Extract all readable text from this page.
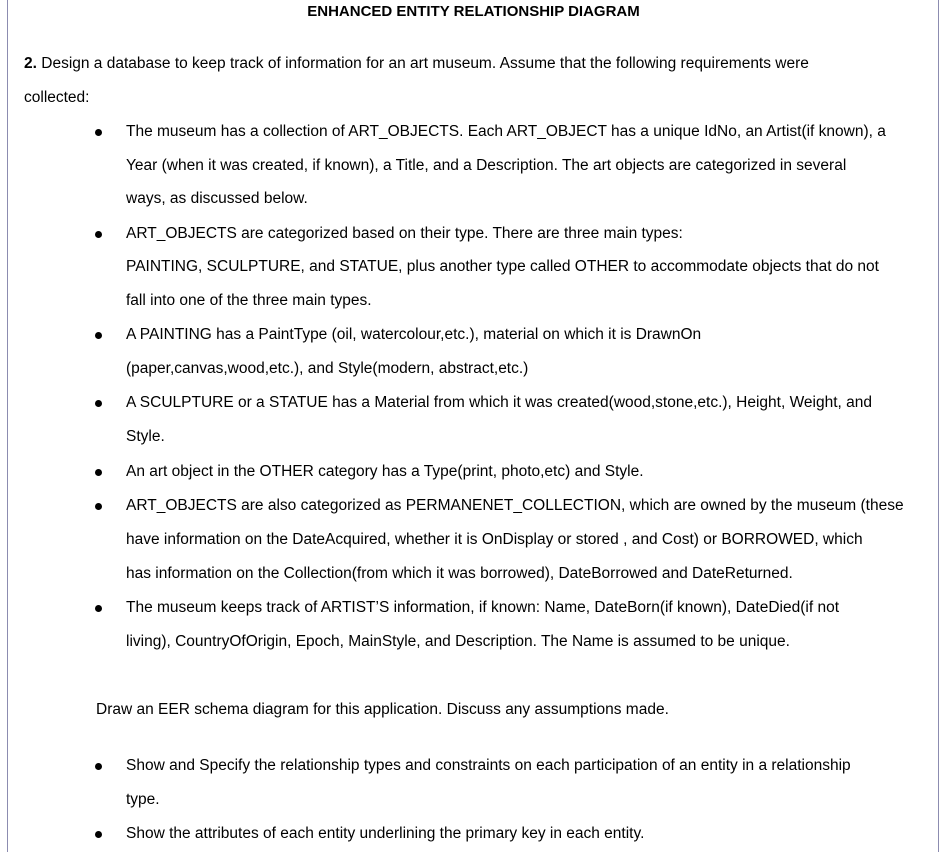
ENHANCED ENTITY RELATIONSHIP DIAGRAM
2. Design a database to keep track of information for an art museum. Assume that the following requirements were
collected:
The museum has a collection of ART_OBJECTS. Each ART_OBJECT has a unique IdNo, an Artist(if known), a
Year (when it was created, if known), a Title, and a Description. The art objects are categorized in several
ways, as discussed below.
ART_OBJECTS are categorized based on their type. There are three main types:
PAINTING, SCULPTURE, and STATUE, plus another type called OTHER to accommodate objects that do not
fall into one of the three main types.
A PAINTING has a PaintType (oil, watercolour,etc.), material on which it is DrawnOn
(paper,canvas,wood,etc.), and Style(modern, abstract,etc.)
A SCULPTURE or a STATUE has a Material from which it was created(wood,stone,etc.), Height, Weight, and
Style.
An art object in the OTHER category has a Type(print, photo,etc) and Style.
ART_OBJECTS are also categorized as PERMANENET_COLLECTION, which are owned by the museum (these
have information on the DateAcquired, whether it is OnDisplay or stored , and Cost) or BORROWED, which
has information on the Collection(from which it was borrowed), DateBorrowed and DateReturned.
The museum keeps track of ARTIST’S information, if known: Name, DateBorn(if known), DateDied(if not
living), CountryOfOrigin, Epoch, MainStyle, and Description. The Name is assumed to be unique.
Draw an EER schema diagram for this application. Discuss any assumptions made.
Show and Specify the relationship types and constraints on each participation of an entity in a relationship
type.
Show the attributes of each entity underlining the primary key in each entity.
